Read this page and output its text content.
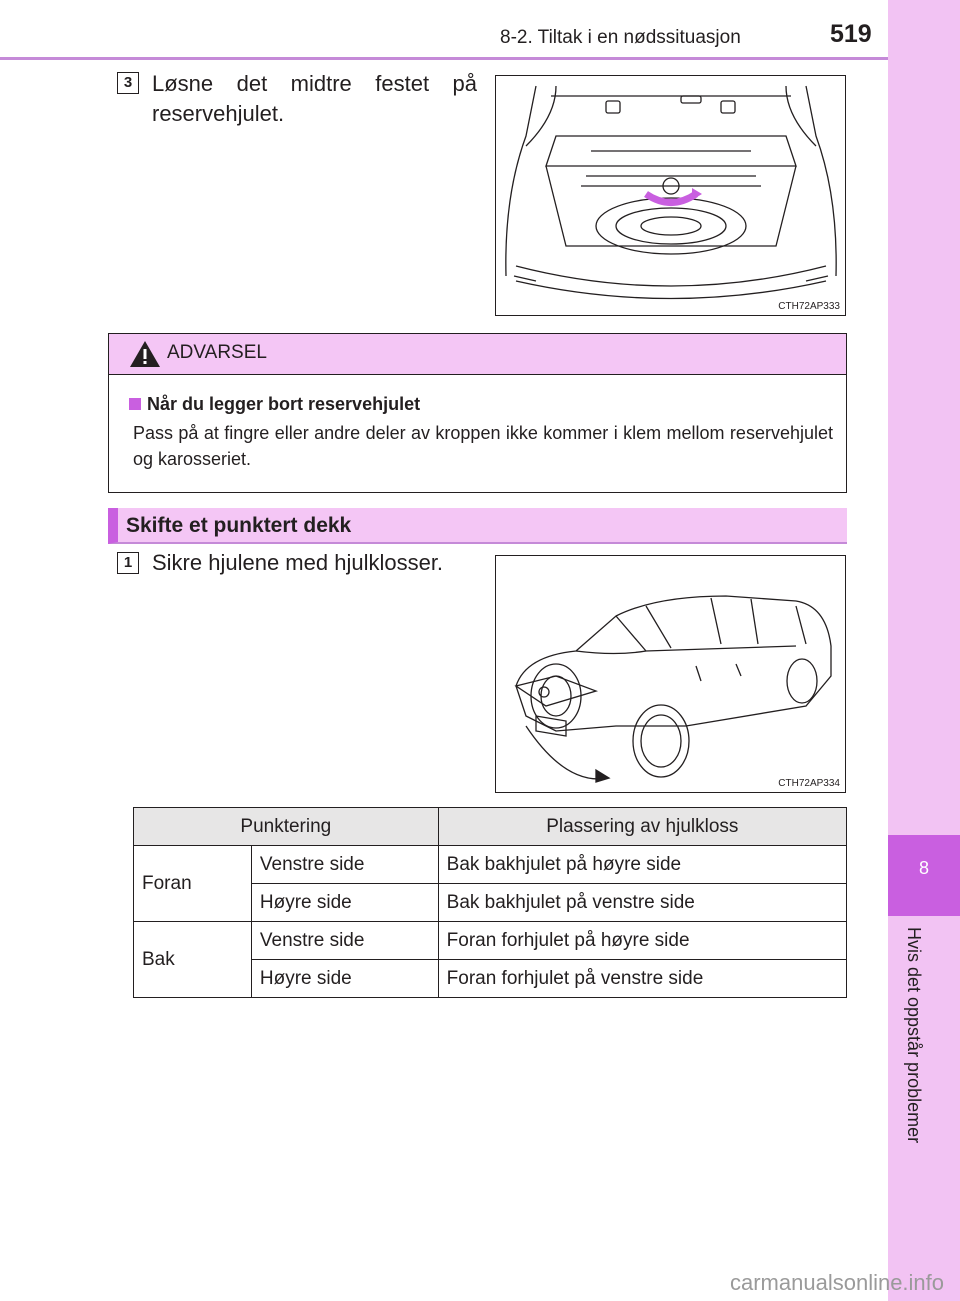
8-2. Tiltak i en nødssituasjon	519
8
Hvis det oppstår problemer
3 Løsne det midtre festet på reservehjulet.
CTH72AP333
ADVARSEL
Når du legger bort reservehjulet
Pass på at fingre eller andre deler av kroppen ikke kommer i klem mellom reservehjulet og karosseriet.
Skifte et punktert dekk
1 Sikre hjulene med hjulklosser.
CTH72AP334
Punktering		Plassering av hjulkloss
Foran	Venstre side	Bak bakhjulet på høyre side
	Høyre side	Bak bakhjulet på venstre side
Bak	Venstre side	Foran forhjulet på høyre side
	Høyre side	Foran forhjulet på venstre side
carmanualsonline.info
